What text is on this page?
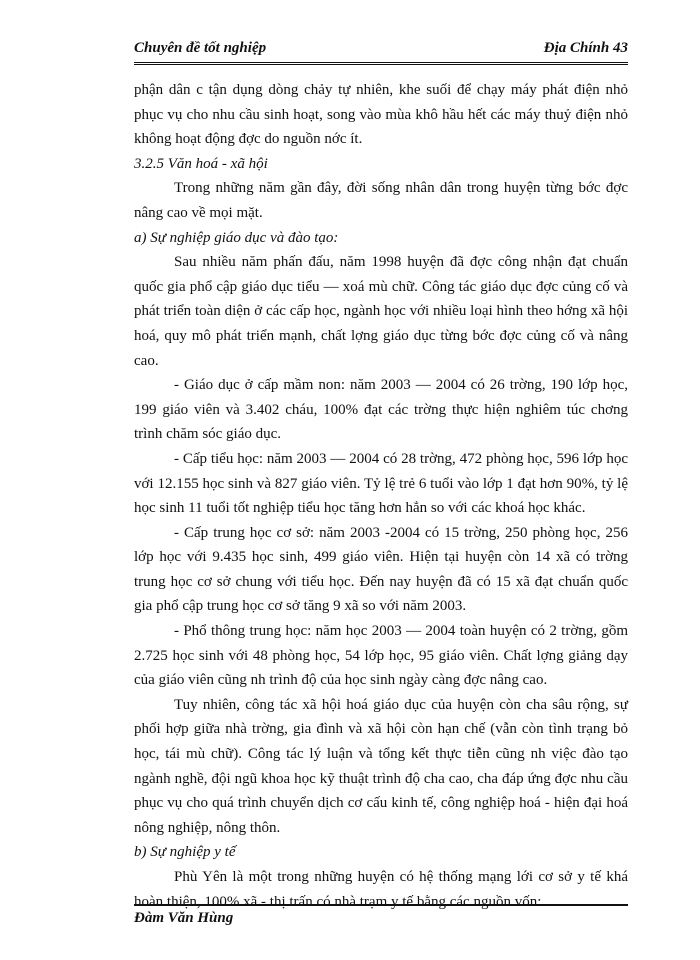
Chuyên đề tốt nghiệp	Địa Chính 43

phận dân c tận dụng dòng chảy tự nhiên, khe suối để chạy máy phát điện nhỏ phục vụ cho nhu cầu sinh hoạt, song vào mùa khô hầu hết các máy thuỷ điện nhỏ không hoạt động đợc do nguồn nớc ít.

3.2.5 Văn hoá - xã hội

Trong những năm gần đây, đời sống nhân dân trong huyện từng bớc đợc nâng cao về mọi mặt.

a) Sự nghiệp giáo dục và đào tạo:

Sau nhiều năm phấn đấu, năm 1998 huyện đã đợc công nhận đạt chuẩn quốc gia phổ cập giáo dục tiểu — xoá mù chữ. Công tác giáo dục đợc củng cố và phát triển toàn diện ở các cấp học, ngành học với nhiều loại hình theo hớng xã hội hoá, quy mô phát triển mạnh, chất lợng giáo dục từng bớc đợc củng cố và nâng cao.

- Giáo dục ở cấp mầm non: năm 2003 — 2004 có 26 trờng, 190 lớp học, 199 giáo viên và 3.402 cháu, 100% đạt các trờng thực hiện nghiêm túc chơng trình chăm sóc giáo dục.

- Cấp tiểu học: năm 2003 — 2004 có 28 trờng, 472 phòng học, 596 lớp học với 12.155 học sinh và 827 giáo viên. Tỷ lệ trẻ 6 tuổi vào lớp 1 đạt hơn 90%, tỷ lệ học sinh 11 tuổi tốt nghiệp tiểu học tăng hơn hẳn so với các khoá học khác.

- Cấp trung học cơ sở: năm 2003 -2004 có 15 trờng, 250 phòng học, 256 lớp học với 9.435 học sinh, 499 giáo viên. Hiện tại huyện còn 14 xã có trờng trung học cơ sở chung với tiểu học. Đến nay huyện đã có 15 xã đạt chuẩn quốc gia phổ cập trung học cơ sở tăng 9 xã so với năm 2003.

- Phổ thông trung học: năm học 2003 — 2004 toàn huyện có 2 trờng, gồm 2.725 học sinh với 48 phòng học, 54 lớp học, 95 giáo viên. Chất lợng giảng dạy của giáo viên cũng nh trình độ của học sinh ngày càng đợc nâng cao.

Tuy nhiên, công tác xã hội hoá giáo dục của huyện còn cha sâu rộng, sự phối hợp giữa nhà trờng, gia đình và xã hội còn hạn chế (vẫn còn tình trạng bỏ học, tái mù chữ). Công tác lý luận và tổng kết thực tiễn cũng nh việc đào tạo ngành nghề, đội ngũ khoa học kỹ thuật trình độ cha cao, cha đáp ứng đợc nhu cầu phục vụ cho quá trình chuyển dịch cơ cấu kinh tế, công nghiệp hoá - hiện đại hoá nông nghiệp, nông thôn.

b) Sự nghiệp y tế

Phù Yên là một trong những huyện có hệ thống mạng lới cơ sở y tế khá hoàn thiện, 100% xã - thị trấn có nhà trạm y tế bằng các nguồn vốn:

Đàm Văn Hùng
